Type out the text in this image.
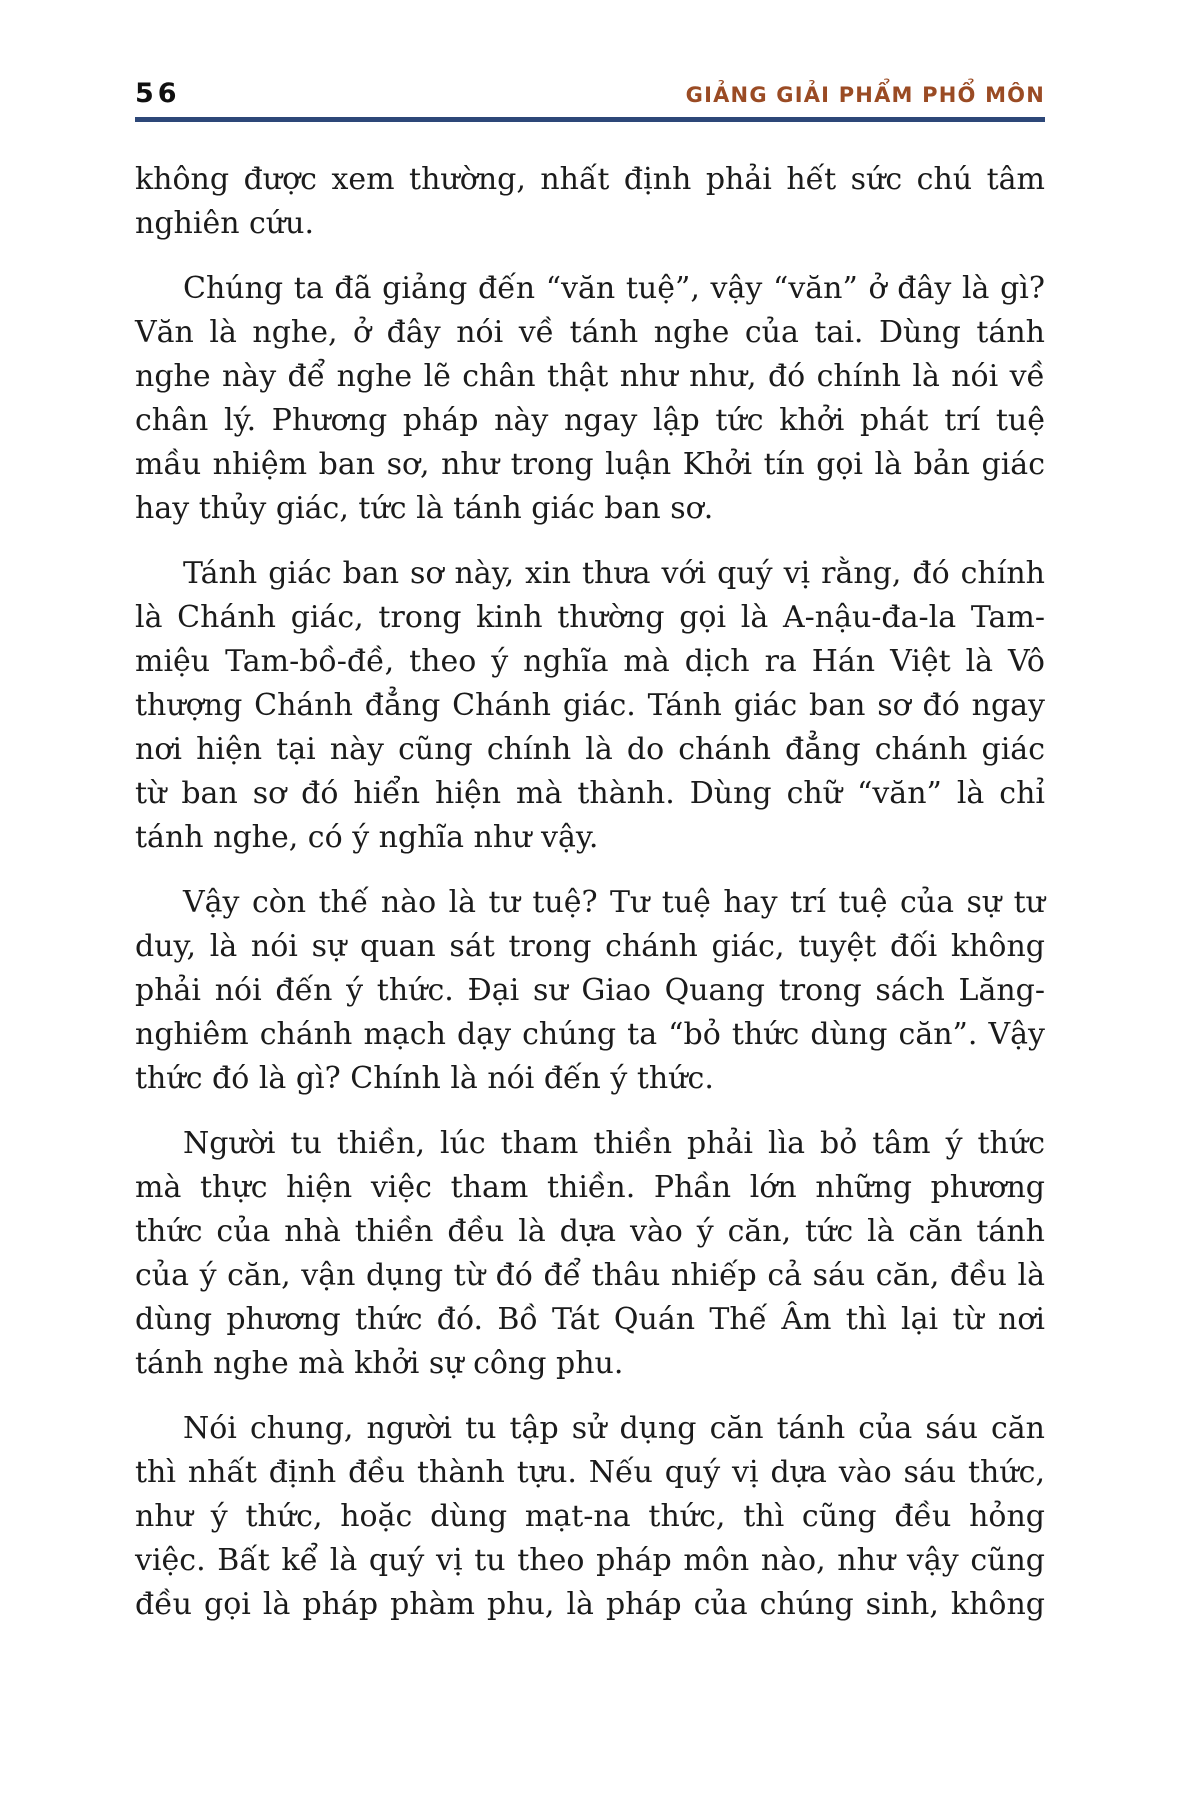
56	GIẢNG GIẢI PHẨM PHỔ MÔN

không được xem thường, nhất định phải hết sức chú tâm
nghiên cứu.

Chúng ta đã giảng đến “văn tuệ”, vậy “văn” ở đây là gì?
Văn là nghe, ở đây nói về tánh nghe của tai. Dùng tánh
nghe này để nghe lẽ chân thật như như, đó chính là nói về
chân lý. Phương pháp này ngay lập tức khởi phát trí tuệ
mầu nhiệm ban sơ, như trong luận Khởi tín gọi là bản giác
hay thủy giác, tức là tánh giác ban sơ.

Tánh giác ban sơ này, xin thưa với quý vị rằng, đó chính
là Chánh giác, trong kinh thường gọi là A-nậu-đa-la Tam-
miệu Tam-bồ-đề, theo ý nghĩa mà dịch ra Hán Việt là Vô
thượng Chánh đẳng Chánh giác. Tánh giác ban sơ đó ngay
nơi hiện tại này cũng chính là do chánh đẳng chánh giác
từ ban sơ đó hiển hiện mà thành. Dùng chữ “văn” là chỉ
tánh nghe, có ý nghĩa như vậy.

Vậy còn thế nào là tư tuệ? Tư tuệ hay trí tuệ của sự tư
duy, là nói sự quan sát trong chánh giác, tuyệt đối không
phải nói đến ý thức. Đại sư Giao Quang trong sách Lăng-
nghiêm chánh mạch dạy chúng ta “bỏ thức dùng căn”. Vậy
thức đó là gì? Chính là nói đến ý thức.

Người tu thiền, lúc tham thiền phải lìa bỏ tâm ý thức
mà thực hiện việc tham thiền. Phần lớn những phương
thức của nhà thiền đều là dựa vào ý căn, tức là căn tánh
của ý căn, vận dụng từ đó để thâu nhiếp cả sáu căn, đều là
dùng phương thức đó. Bồ Tát Quán Thế Âm thì lại từ nơi
tánh nghe mà khởi sự công phu.

Nói chung, người tu tập sử dụng căn tánh của sáu căn
thì nhất định đều thành tựu. Nếu quý vị dựa vào sáu thức,
như ý thức, hoặc dùng mạt-na thức, thì cũng đều hỏng
việc. Bất kể là quý vị tu theo pháp môn nào, như vậy cũng
đều gọi là pháp phàm phu, là pháp của chúng sinh, không
